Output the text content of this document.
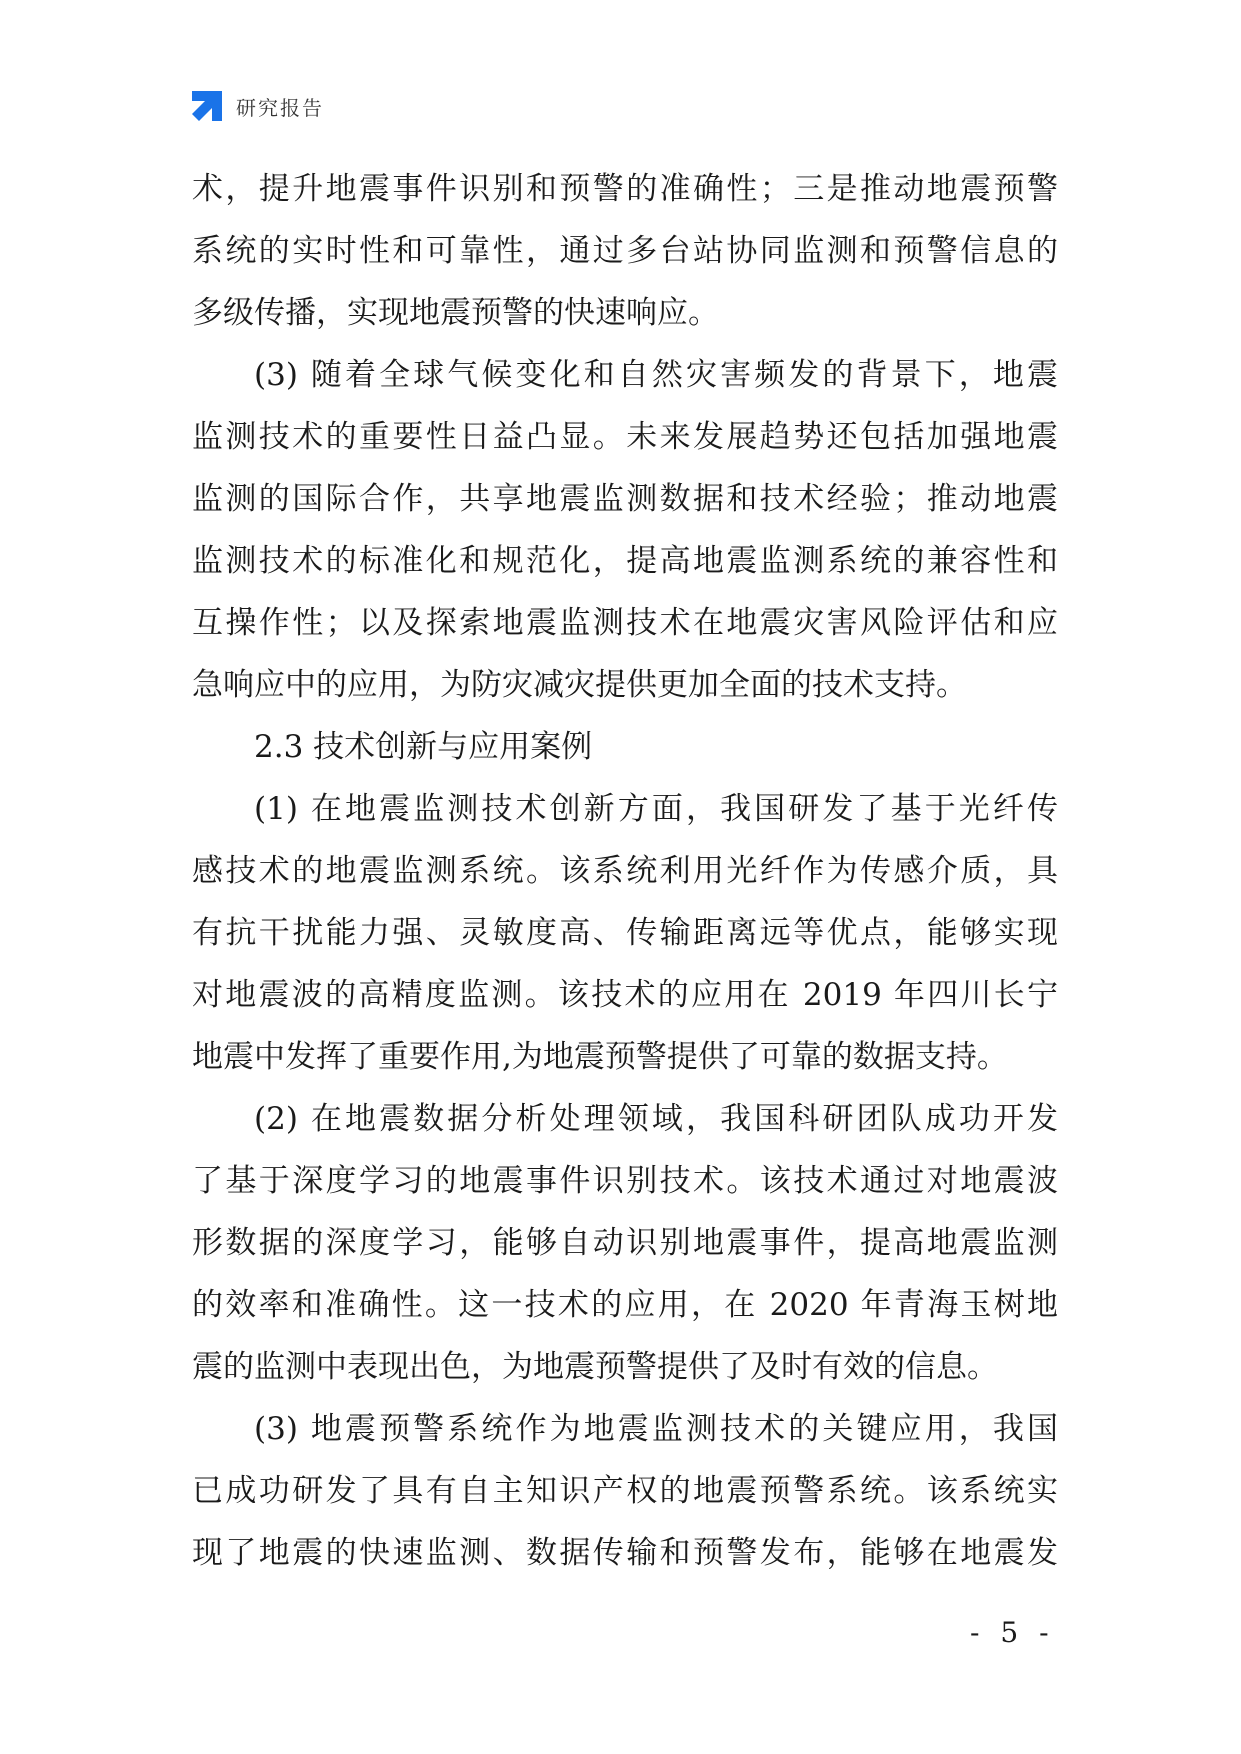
研究报告
术，提升地震事件识别和预警的准确性；三是推动地震预警
系统的实时性和可靠性，通过多台站协同监测和预警信息的
多级传播，实现地震预警的快速响应。
(3) 随着全球气候变化和自然灾害频发的背景下，地震
监测技术的重要性日益凸显。未来发展趋势还包括加强地震
监测的国际合作，共享地震监测数据和技术经验；推动地震
监测技术的标准化和规范化，提高地震监测系统的兼容性和
互操作性；以及探索地震监测技术在地震灾害风险评估和应
急响应中的应用，为防灾减灾提供更加全面的技术支持。
2.3 技术创新与应用案例
(1) 在地震监测技术创新方面，我国研发了基于光纤传
感技术的地震监测系统。该系统利用光纤作为传感介质，具
有抗干扰能力强、灵敏度高、传输距离远等优点，能够实现
对地震波的高精度监测。该技术的应用在 2019 年四川长宁
地震中发挥了重要作用,为地震预警提供了可靠的数据支持。
(2) 在地震数据分析处理领域，我国科研团队成功开发
了基于深度学习的地震事件识别技术。该技术通过对地震波
形数据的深度学习，能够自动识别地震事件，提高地震监测
的效率和准确性。这一技术的应用，在 2020 年青海玉树地
震的监测中表现出色，为地震预警提供了及时有效的信息。
(3) 地震预警系统作为地震监测技术的关键应用，我国
已成功研发了具有自主知识产权的地震预警系统。该系统实
现了地震的快速监测、数据传输和预警发布，能够在地震发
- 5 -
